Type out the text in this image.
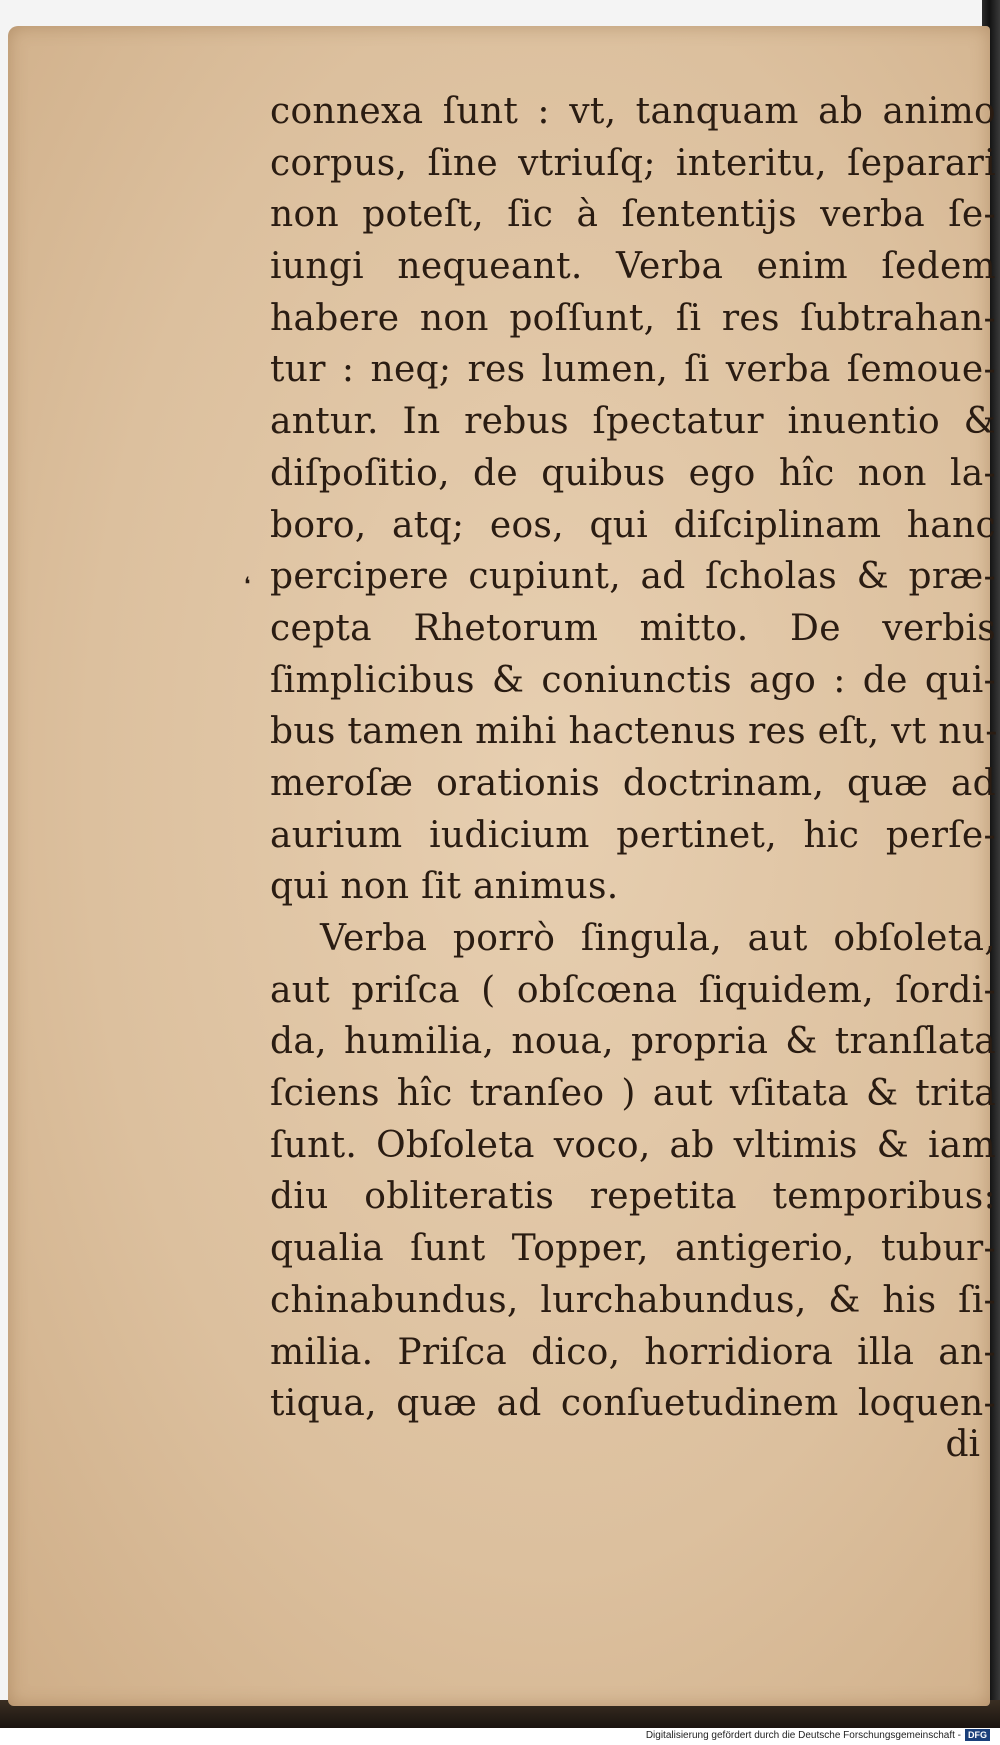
❛
connexa ſunt : vt, tanquam ab animo
corpus, ſine vtriuſq; interitu, ſeparari
non poteſt, ſic à ſententijs verba ſe-
iungi nequeant. Verba enim ſedem
habere non poſſunt, ſi res ſubtrahan-
tur : neq; res lumen, ſi verba ſemoue-
antur. In rebus ſpectatur inuentio &
diſpoſitio, de quibus ego hîc non la-
boro, atq; eos, qui diſciplinam hanc
percipere cupiunt, ad ſcholas & præ-
cepta Rhetorum mitto. De verbis
ſimplicibus & coniunctis ago : de qui-
bus tamen mihi hactenus res eſt, vt nu-
meroſæ orationis doctrinam, quæ ad
aurium iudicium pertinet, hic perſe-
qui non ſit animus.
Verba porrò ſingula, aut obſoleta,
aut priſca ( obſcœna ſiquidem, ſordi-
da, humilia, noua, propria & tranſlata
ſciens hîc tranſeo ) aut vſitata & trita
ſunt. Obſoleta voco, ab vltimis & iam
diu obliteratis repetita temporibus:
qualia ſunt Topper, antigerio, tubur-
chinabundus, lurchabundus, & his ſi-
milia. Priſca dico, horridiora illa an-
tiqua, quæ ad conſuetudinem loquen-
di
Digitalisierung gefördert durch die Deutsche Forschungsgemeinschaft - DFG
